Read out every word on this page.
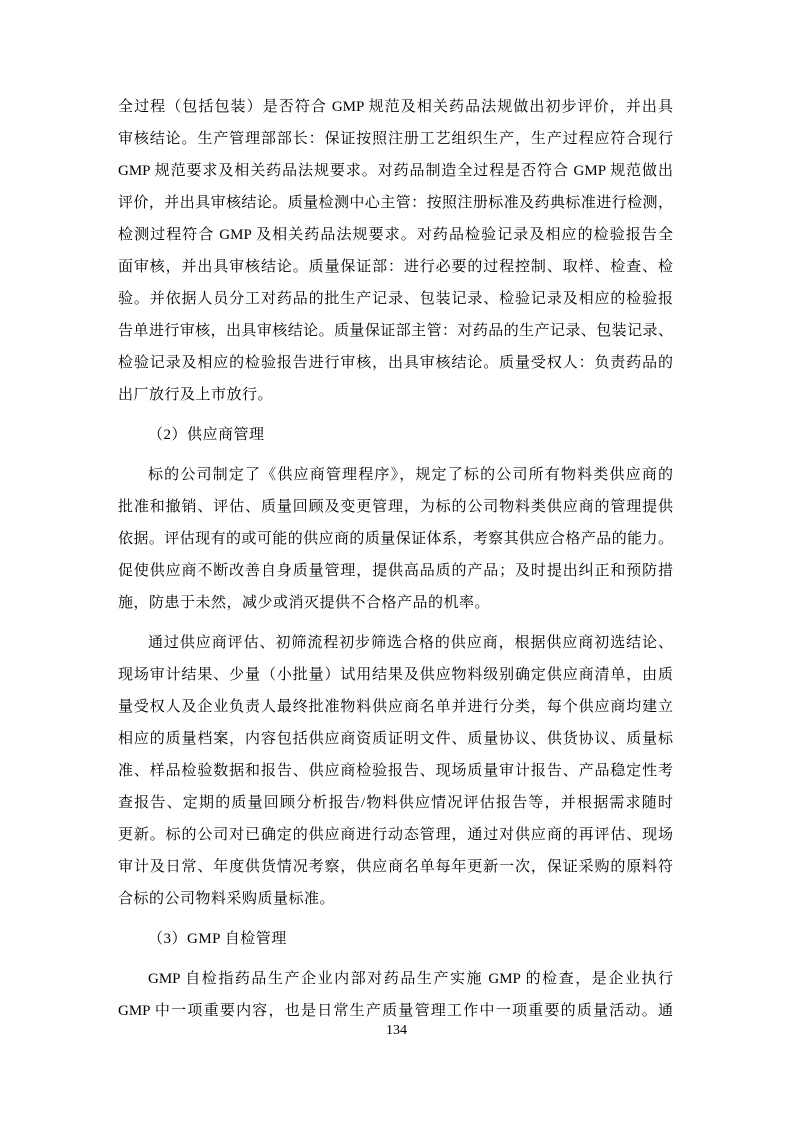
全过程（包括包装）是否符合 GMP 规范及相关药品法规做出初步评价，并出具
审核结论。生产管理部部长：保证按照注册工艺组织生产，生产过程应符合现行
GMP 规范要求及相关药品法规要求。对药品制造全过程是否符合 GMP 规范做出
评价，并出具审核结论。质量检测中心主管：按照注册标准及药典标准进行检测，
检测过程符合 GMP 及相关药品法规要求。对药品检验记录及相应的检验报告全
面审核，并出具审核结论。质量保证部：进行必要的过程控制、取样、检查、检
验。并依据人员分工对药品的批生产记录、包装记录、检验记录及相应的检验报
告单进行审核，出具审核结论。质量保证部主管：对药品的生产记录、包装记录、
检验记录及相应的检验报告进行审核，出具审核结论。质量受权人：负责药品的
出厂放行及上市放行。
（2）供应商管理
标的公司制定了《供应商管理程序》，规定了标的公司所有物料类供应商的
批准和撤销、评估、质量回顾及变更管理，为标的公司物料类供应商的管理提供
依据。评估现有的或可能的供应商的质量保证体系，考察其供应合格产品的能力。
促使供应商不断改善自身质量管理，提供高品质的产品；及时提出纠正和预防措
施，防患于未然，减少或消灭提供不合格产品的机率。
通过供应商评估、初筛流程初步筛选合格的供应商，根据供应商初选结论、
现场审计结果、少量（小批量）试用结果及供应物料级别确定供应商清单，由质
量受权人及企业负责人最终批准物料供应商名单并进行分类，每个供应商均建立
相应的质量档案，内容包括供应商资质证明文件、质量协议、供货协议、质量标
准、样品检验数据和报告、供应商检验报告、现场质量审计报告、产品稳定性考
查报告、定期的质量回顾分析报告/物料供应情况评估报告等，并根据需求随时
更新。标的公司对已确定的供应商进行动态管理，通过对供应商的再评估、现场
审计及日常、年度供货情况考察，供应商名单每年更新一次，保证采购的原料符
合标的公司物料采购质量标准。
（3）GMP 自检管理
GMP 自检指药品生产企业内部对药品生产实施 GMP 的检查，是企业执行
GMP 中一项重要内容，也是日常生产质量管理工作中一项重要的质量活动。通
134
